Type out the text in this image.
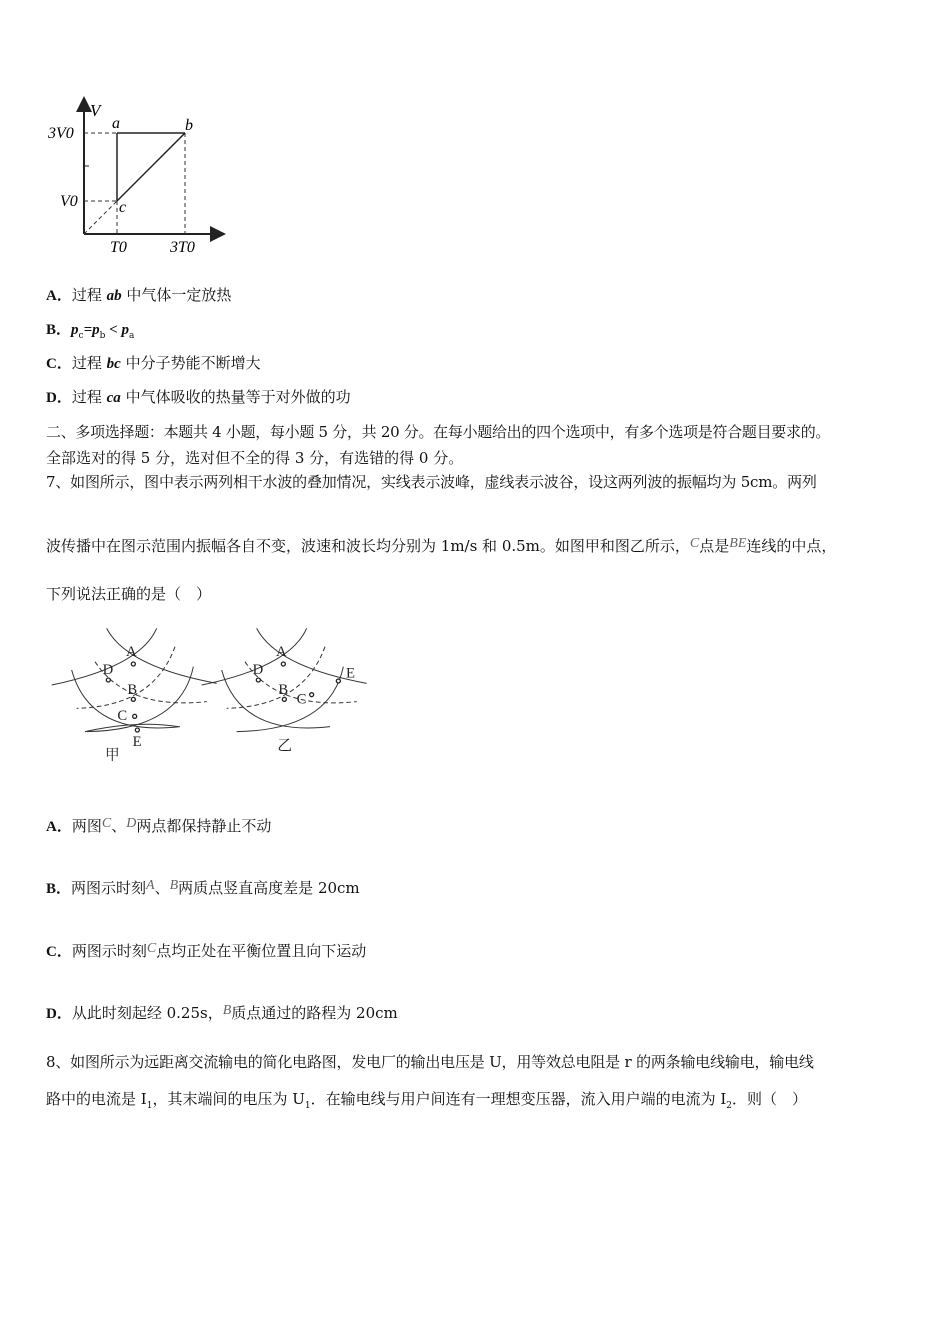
V
3V0
V0
T0	3T0
a	b
c
A．过程 ab 中气体一定放热
B．$p_c=p_b < p_a$
C．过程 bc 中分子势能不断增大
D．过程 ca 中气体吸收的热量等于对外做的功
二、多项选择题：本题共 4 小题，每小题 5 分，共 20 分。在每小题给出的四个选项中，有多个选项是符合题目要求的。
全部选对的得 5 分，选对但不全的得 3 分，有选错的得 0 分。
7、如图所示，图中表示两列相干水波的叠加情况，实线表示波峰，虚线表示波谷，设这两列波的振幅均为 5cm。两列
波传播中在图示范围内振幅各自不变，波速和波长均分别为 1m/s 和 0.5m。如图甲和图乙所示，C点是BE连线的中点，
下列说法正确的是（　）
A
D
B
C
E
甲
A
D E
B
C
乙
A．两图C、D两点都保持静止不动
B．两图示时刻A、B两质点竖直高度差是 20cm
C．两图示时刻C点均正处在平衡位置且向下运动
D．从此时刻起经 0.25s，B质点通过的路程为 20cm
8、如图所示为远距离交流输电的简化电路图，发电厂的输出电压是 U，用等效总电阻是 r 的两条输电线输电，输电线
路中的电流是 $I_1$，其末端间的电压为 $U_1$．在输电线与用户间连有一理想变压器，流入用户端的电流为 $I_2$．则（　）
